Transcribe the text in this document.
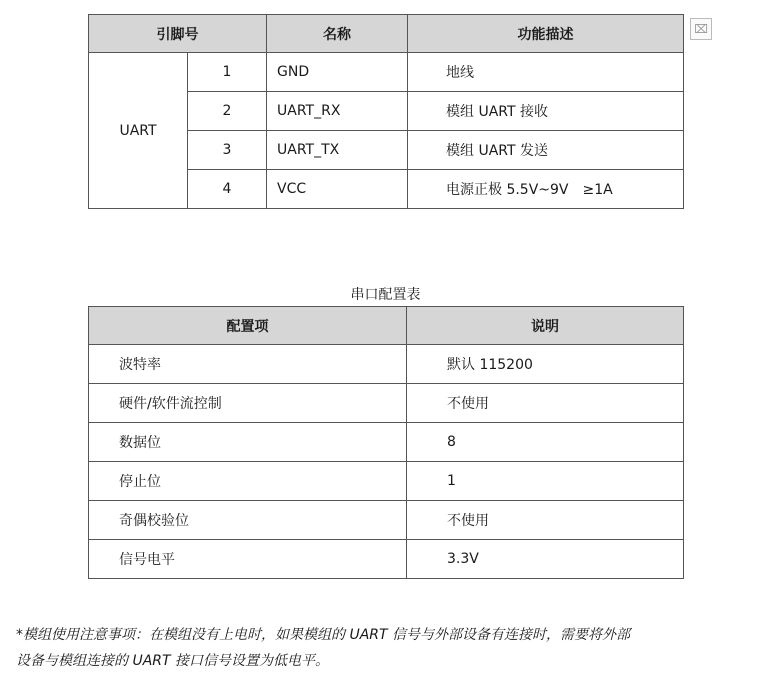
引脚号		名称	功能描述
UART	1	GND	地线
	2	UART_RX	模组 UART 接收
	3	UART_TX	模组 UART 发送
	4	VCC	电源正极 5.5V~9V　≥1A
⌧
串口配置表
配置项	说明
波特率	默认 115200
硬件/软件流控制	不使用
数据位	8
停止位	1
奇偶校验位	不使用
信号电平	3.3V
*模组使用注意事项：在模组没有上电时，如果模组的 UART 信号与外部设备有连接时，需要将外部
设备与模组连接的 UART 接口信号设置为低电平。
